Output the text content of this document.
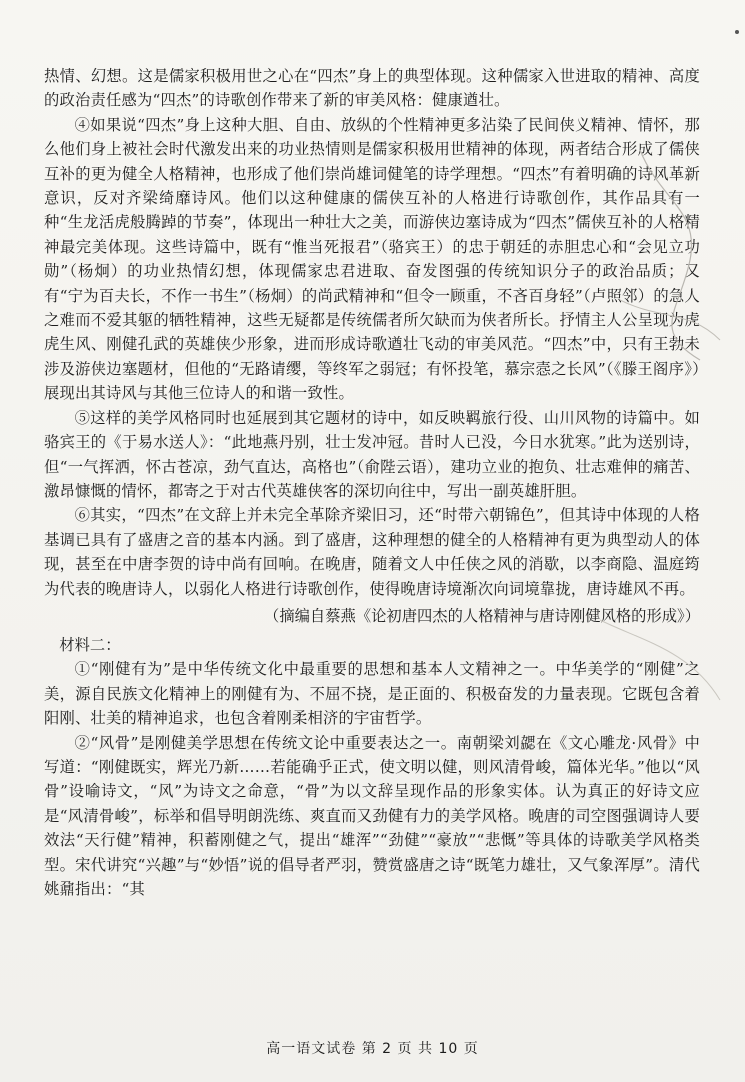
热情、幻想。这是儒家积极用世之心在“四杰”身上的典型体现。这种儒家入世进取的精神、高度的政治责任感为“四杰”的诗歌创作带来了新的审美风格：健康遒壮。

④如果说“四杰”身上这种大胆、自由、放纵的个性精神更多沾染了民间侠义精神、情怀，那么他们身上被社会时代激发出来的功业热情则是儒家积极用世精神的体现，两者结合形成了儒侠互补的更为健全人格精神，也形成了他们崇尚雄词健笔的诗学理想。“四杰”有着明确的诗风革新意识，反对齐梁绮靡诗风。他们以这种健康的儒侠互补的人格进行诗歌创作，其作品具有一种“生龙活虎般腾踔的节奏”，体现出一种壮大之美，而游侠边塞诗成为“四杰”儒侠互补的人格精神最完美体现。这些诗篇中，既有“惟当死报君”（骆宾王）的忠于朝廷的赤胆忠心和“会见立功勋”（杨炯）的功业热情幻想，体现儒家忠君进取、奋发图强的传统知识分子的政治品质；又有“宁为百夫长，不作一书生”（杨炯）的尚武精神和“但令一顾重，不吝百身轻”（卢照邻）的急人之难而不爱其躯的牺牲精神，这些无疑都是传统儒者所欠缺而为侠者所长。抒情主人公呈现为虎虎生风、刚健孔武的英雄侠少形象，进而形成诗歌遒壮飞动的审美风范。“四杰”中，只有王勃未涉及游侠边塞题材，但他的“无路请缨，等终军之弱冠；有怀投笔，慕宗悫之长风”（《滕王阁序》）展现出其诗风与其他三位诗人的和谐一致性。

⑤这样的美学风格同时也延展到其它题材的诗中，如反映羁旅行役、山川风物的诗篇中。如骆宾王的《于易水送人》：“此地燕丹别，壮士发冲冠。昔时人已没，今日水犹寒。”此为送别诗，但“一气挥洒，怀古苍凉，劲气直达，高格也”（俞陛云语），建功立业的抱负、壮志难伸的痛苦、激昂慷慨的情怀，都寄之于对古代英雄侠客的深切向往中，写出一副英雄肝胆。

⑥其实，“四杰”在文辞上并未完全革除齐梁旧习，还“时带六朝锦色”，但其诗中体现的人格基调已具有了盛唐之音的基本内涵。到了盛唐，这种理想的健全的人格精神有更为典型动人的体现，甚至在中唐李贺的诗中尚有回响。在晚唐，随着文人中任侠之风的消歇，以李商隐、温庭筠为代表的晚唐诗人，以弱化人格进行诗歌创作，使得晚唐诗境渐次向词境靠拢，唐诗雄风不再。

（摘编自蔡燕《论初唐四杰的人格精神与唐诗刚健风格的形成》）

材料二：

①“刚健有为”是中华传统文化中最重要的思想和基本人文精神之一。中华美学的“刚健”之美，源自民族文化精神上的刚健有为、不屈不挠，是正面的、积极奋发的力量表现。它既包含着阳刚、壮美的精神追求，也包含着刚柔相济的宇宙哲学。

②“风骨”是刚健美学思想在传统文论中重要表达之一。南朝梁刘勰在《文心雕龙·风骨》中写道：“刚健既实，辉光乃新……若能确乎正式，使文明以健，则风清骨峻，篇体光华。”他以“风骨”设喻诗文，“风”为诗文之命意，“骨”为以文辞呈现作品的形象实体。认为真正的好诗文应是“风清骨峻”，标举和倡导明朗洗练、爽直而又劲健有力的美学风格。晚唐的司空图强调诗人要效法“天行健”精神，积蓄刚健之气，提出“雄浑”“劲健”“豪放”“悲慨”等具体的诗歌美学风格类型。宋代讲究“兴趣”与“妙悟”说的倡导者严羽，赞赏盛唐之诗“既笔力雄壮，又气象浑厚”。清代姚鼐指出：“其

高一语文试卷 第 2 页 共 10 页
